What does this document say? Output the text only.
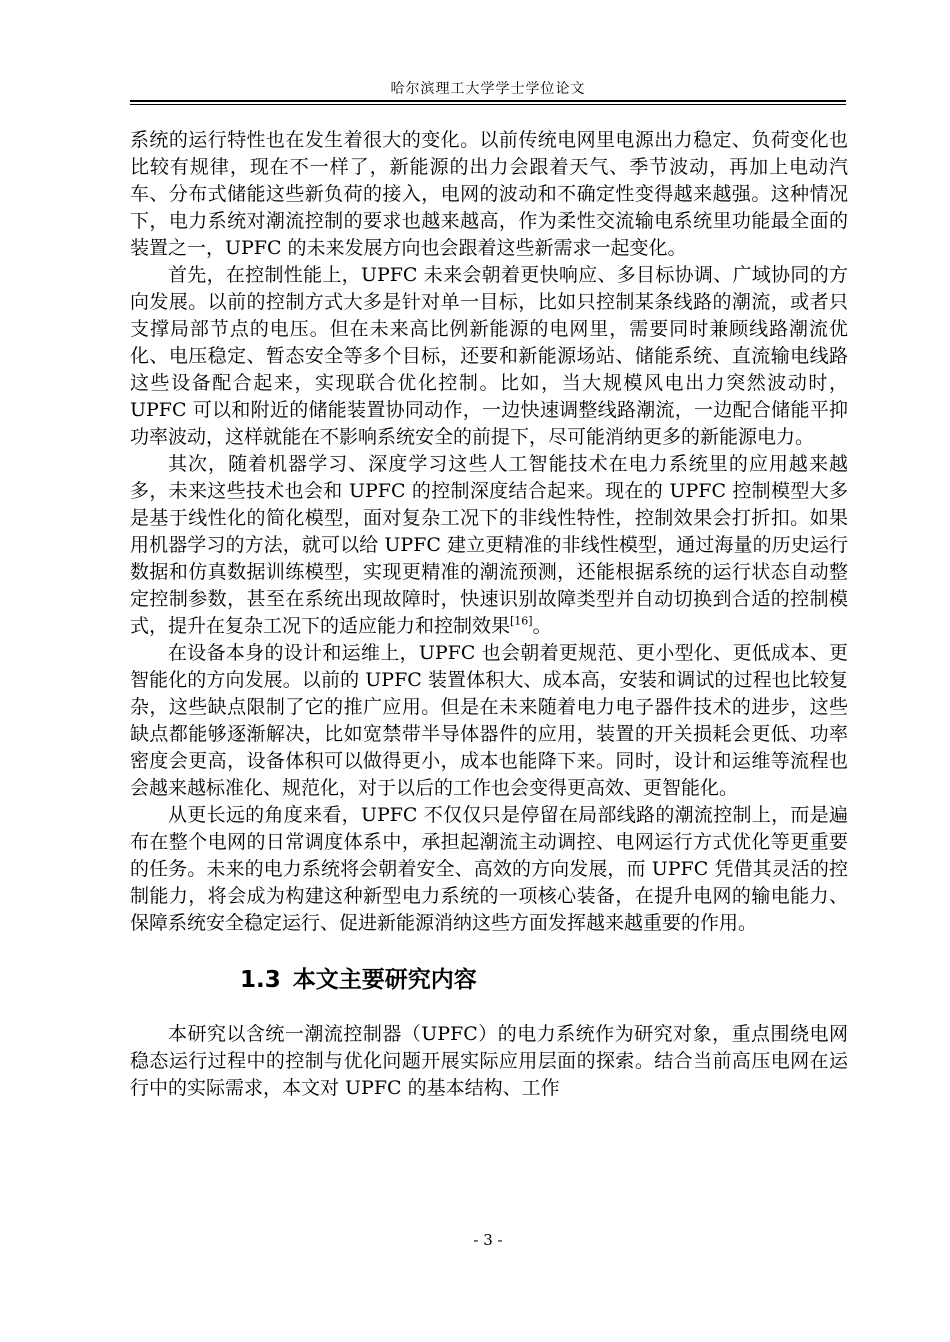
哈尔滨理工大学学士学位论文

系统的运行特性也在发生着很大的变化。以前传统电网里电源出力稳定、负荷变化也比较有规律，现在不一样了，新能源的出力会跟着天气、季节波动，再加上电动汽车、分布式储能这些新负荷的接入，电网的波动和不确定性变得越来越强。这种情况下，电力系统对潮流控制的要求也越来越高，作为柔性交流输电系统里功能最全面的装置之一，UPFC 的未来发展方向也会跟着这些新需求一起变化。

首先，在控制性能上，UPFC 未来会朝着更快响应、多目标协调、广域协同的方向发展。以前的控制方式大多是针对单一目标，比如只控制某条线路的潮流，或者只支撑局部节点的电压。但在未来高比例新能源的电网里，需要同时兼顾线路潮流优化、电压稳定、暂态安全等多个目标，还要和新能源场站、储能系统、直流输电线路这些设备配合起来，实现联合优化控制。比如，当大规模风电出力突然波动时，UPFC 可以和附近的储能装置协同动作，一边快速调整线路潮流，一边配合储能平抑功率波动，这样就能在不影响系统安全的前提下，尽可能消纳更多的新能源电力。

其次，随着机器学习、深度学习这些人工智能技术在电力系统里的应用越来越多，未来这些技术也会和 UPFC 的控制深度结合起来。现在的 UPFC 控制模型大多是基于线性化的简化模型，面对复杂工况下的非线性特性，控制效果会打折扣。如果用机器学习的方法，就可以给 UPFC 建立更精准的非线性模型，通过海量的历史运行数据和仿真数据训练模型，实现更精准的潮流预测，还能根据系统的运行状态自动整定控制参数，甚至在系统出现故障时，快速识别故障类型并自动切换到合适的控制模式，提升在复杂工况下的适应能力和控制效果[16]。

在设备本身的设计和运维上，UPFC 也会朝着更规范、更小型化、更低成本、更智能化的方向发展。以前的 UPFC 装置体积大、成本高，安装和调试的过程也比较复杂，这些缺点限制了它的推广应用。但是在未来随着电力电子器件技术的进步，这些缺点都能够逐渐解决，比如宽禁带半导体器件的应用，装置的开关损耗会更低、功率密度会更高，设备体积可以做得更小，成本也能降下来。同时，设计和运维等流程也会越来越标准化、规范化，对于以后的工作也会变得更高效、更智能化。

从更长远的角度来看，UPFC 不仅仅只是停留在局部线路的潮流控制上，而是遍布在整个电网的日常调度体系中，承担起潮流主动调控、电网运行方式优化等更重要的任务。未来的电力系统将会朝着安全、高效的方向发展，而 UPFC 凭借其灵活的控制能力，将会成为构建这种新型电力系统的一项核心装备，在提升电网的输电能力、保障系统安全稳定运行、促进新能源消纳这些方面发挥越来越重要的作用。

1.3 本文主要研究内容

本研究以含统一潮流控制器（UPFC）的电力系统作为研究对象，重点围绕电网稳态运行过程中的控制与优化问题开展实际应用层面的探索。结合当前高压电网在运行中的实际需求，本文对 UPFC 的基本结构、工作

- 3 -
